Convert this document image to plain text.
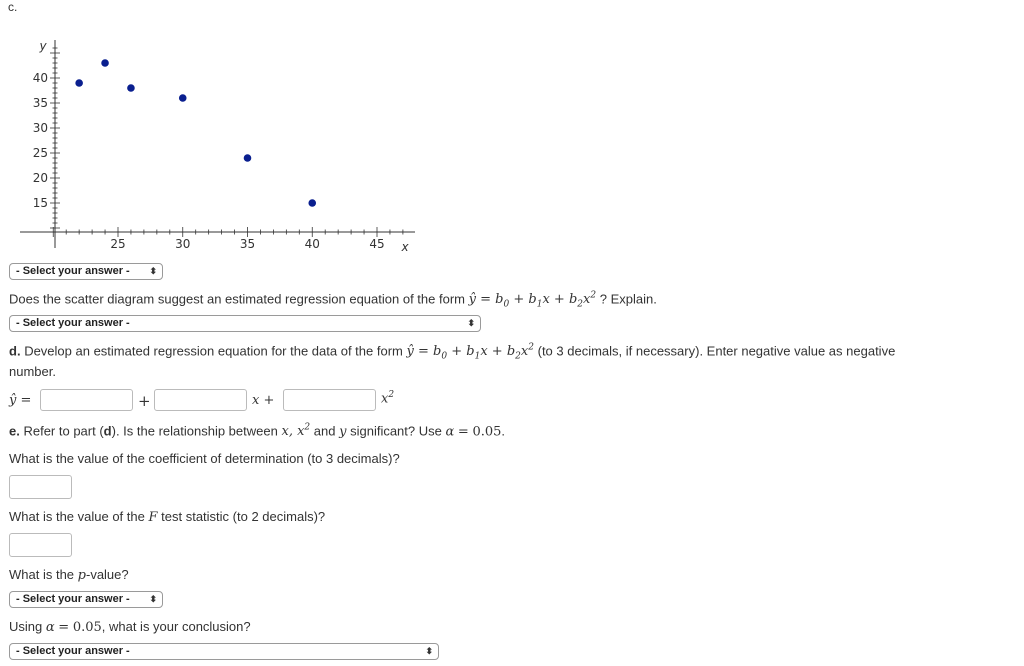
c.
25	30	35	40	45
40
35
30
25
20
15
x
y
- Select your answer - ⬍
Does the scatter diagram suggest an estimated regression equation of the form ŷ = $b_0 + b_1x + b_2x^2$ ? Explain.
- Select your answer -	⬍
d. Develop an estimated regression equation for the data of the form ŷ = $b_0 + b_1x + b_2x^2$ (to 3 decimals, if necessary). Enter negative value as negative
number.
ŷ =	+	x +	$x^2$
e. Refer to part (d). Is the relationship between x, $x^2$ and y significant? Use α = 0.05.
What is the value of the coefficient of determination (to 3 decimals)?
What is the value of the F test statistic (to 2 decimals)?
What is the p-value?
- Select your answer - ⬍
Using α = 0.05, what is your conclusion?
- Select your answer -	⬍
